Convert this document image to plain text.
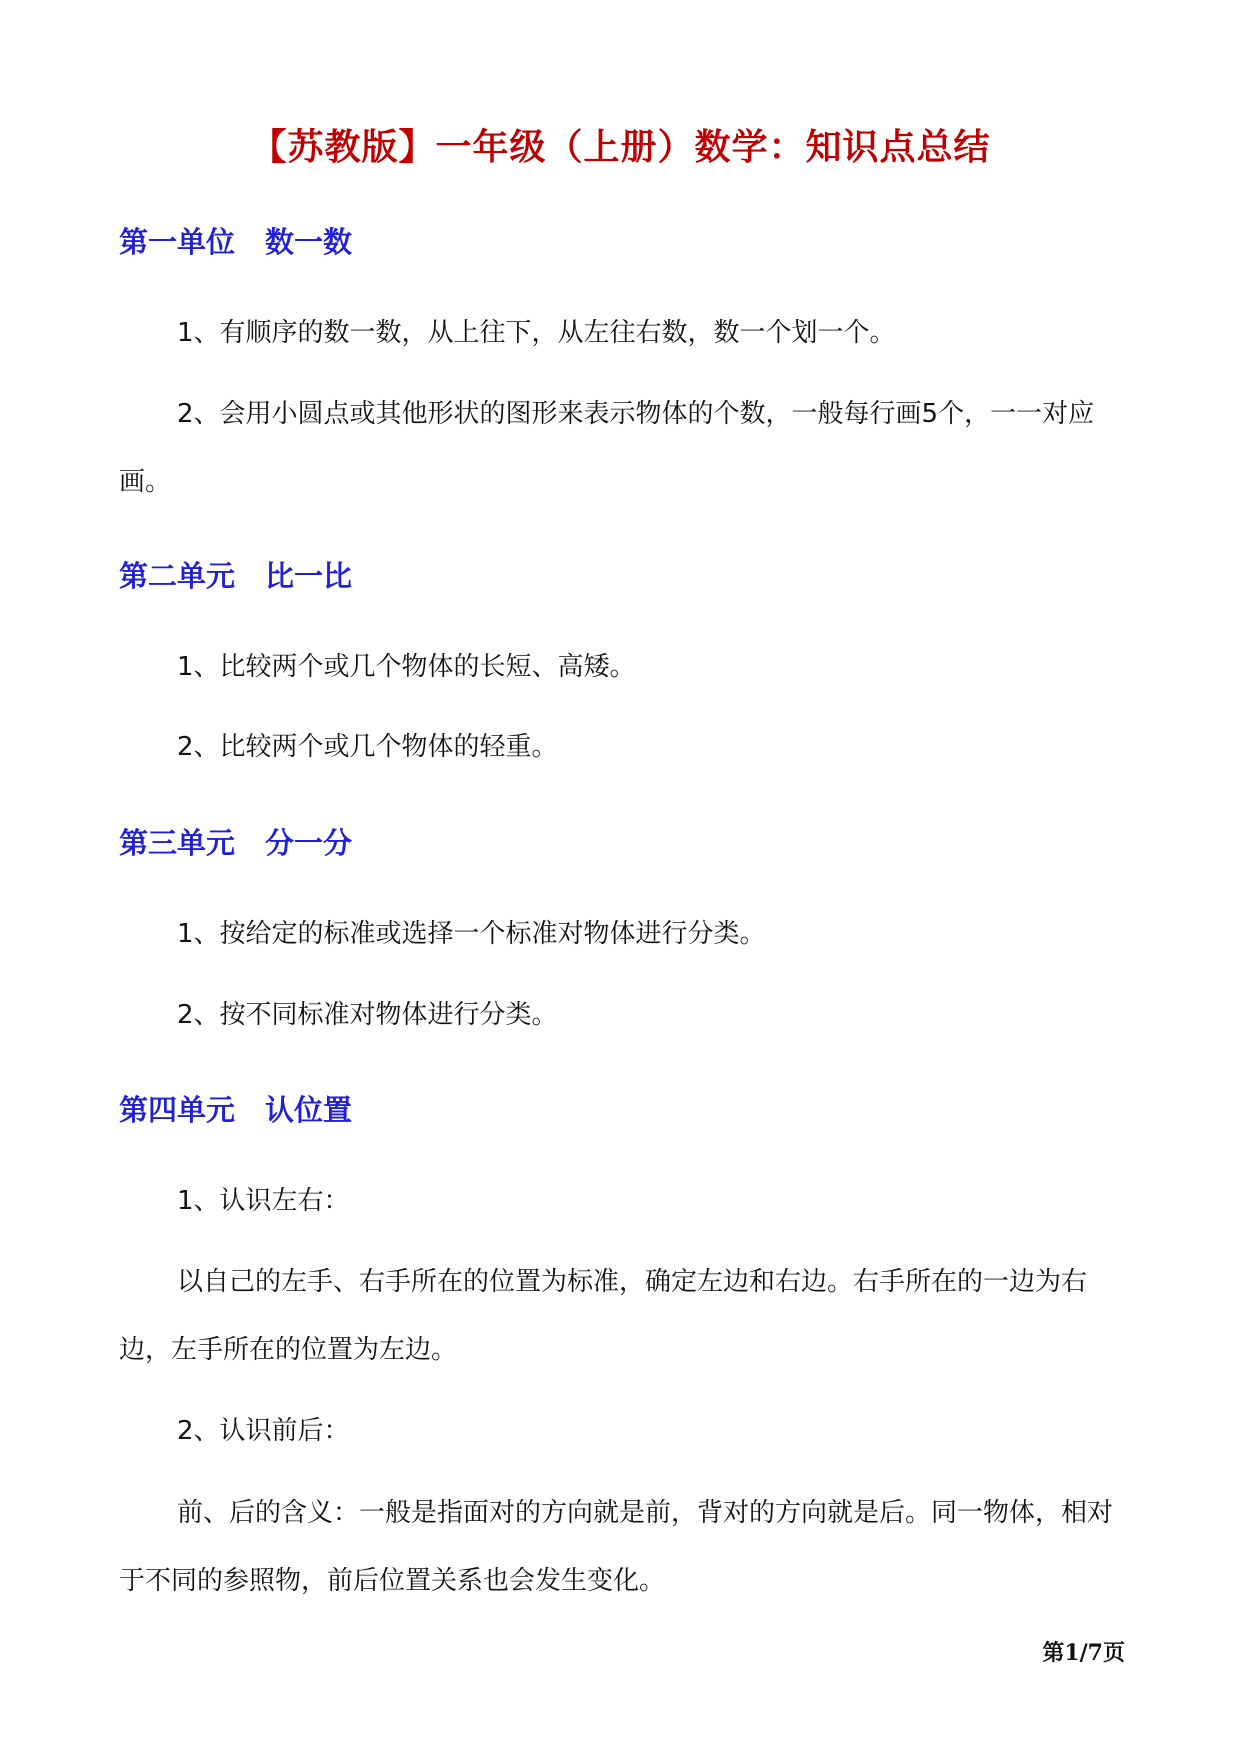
【苏教版】一年级（上册）数学：知识点总结
第一单位 数一数
1、有顺序的数一数，从上往下，从左往右数，数一个划一个。
2、会用小圆点或其他形状的图形来表示物体的个数，一般每行画5个，一一对应画。
第二单元 比一比
1、比较两个或几个物体的长短、高矮。
2、比较两个或几个物体的轻重。
第三单元 分一分
1、按给定的标准或选择一个标准对物体进行分类。
2、按不同标准对物体进行分类。
第四单元 认位置
1、认识左右：
以自己的左手、右手所在的位置为标准，确定左边和右边。右手所在的一边为右边，左手所在的位置为左边。
2、认识前后：
前、后的含义：一般是指面对的方向就是前，背对的方向就是后。同一物体，相对于不同的参照物，前后位置关系也会发生变化。
第1/7页
